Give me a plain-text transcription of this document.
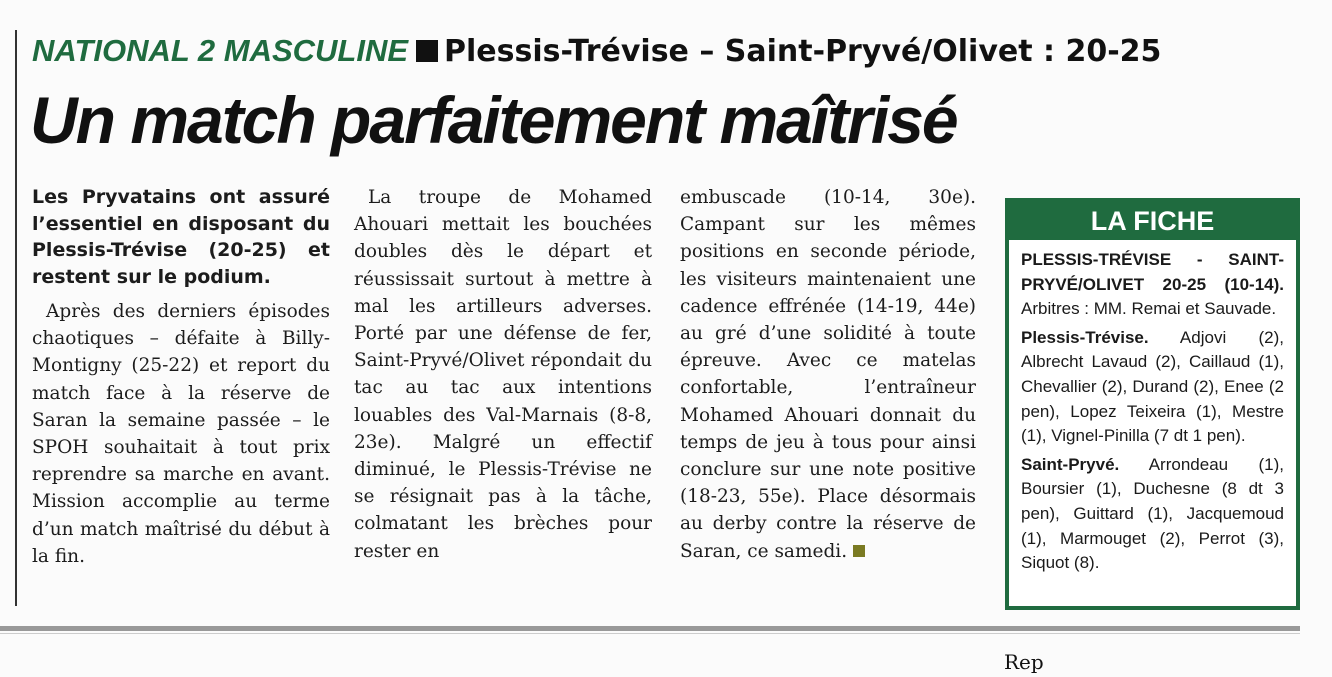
NATIONAL 2 MASCULINE Plessis-Trévise – Saint-Pryvé/Olivet : 20-25
Un match parfaitement maîtrisé

Les Pryvatains ont assuré l’essentiel en disposant du Plessis-Trévise (20-25) et restent sur le podium.

Après des derniers épisodes chaotiques – défaite à Billy-Montigny (25-22) et report du match face à la réserve de Saran la semaine passée – le SPOH souhaitait à tout prix reprendre sa marche en avant. Mission accomplie au terme d’un match maîtrisé du début à la fin.

La troupe de Mohamed Ahouari mettait les bouchées doubles dès le départ et réussissait surtout à mettre à mal les artilleurs adverses. Porté par une défense de fer, Saint-Pryvé/Olivet répondait du tac au tac aux intentions louables des Val-Marnais (8-8, 23e). Malgré un effectif diminué, le Plessis-Trévise ne se résignait pas à la tâche, colmatant les brèches pour rester en

embuscade (10-14, 30e). Campant sur les mêmes positions en seconde période, les visiteurs maintenaient une cadence effrénée (14-19, 44e) au gré d’une solidité à toute épreuve. Avec ce matelas confortable, l’entraîneur Mohamed Ahouari donnait du temps de jeu à tous pour ainsi conclure sur une note positive (18-23, 55e). Place désormais au derby contre la réserve de Saran, ce samedi.

LA FICHE

PLESSIS-TRÉVISE - SAINT-PRYVÉ/OLIVET 20-25 (10-14). Arbitres : MM. Remai et Sauvade.

Plessis-Trévise. Adjovi (2), Albrecht Lavaud (2), Caillaud (1), Chevallier (2), Durand (2), Enee (2 pen), Lopez Teixeira (1), Mestre (1), Vignel-Pinilla (7 dt 1 pen).

Saint-Pryvé. Arrondeau (1), Boursier (1), Duchesne (8 dt 3 pen), Guittard (1), Jacquemoud (1), Marmouget (2), Perrot (3), Siquot (8).

Rep
